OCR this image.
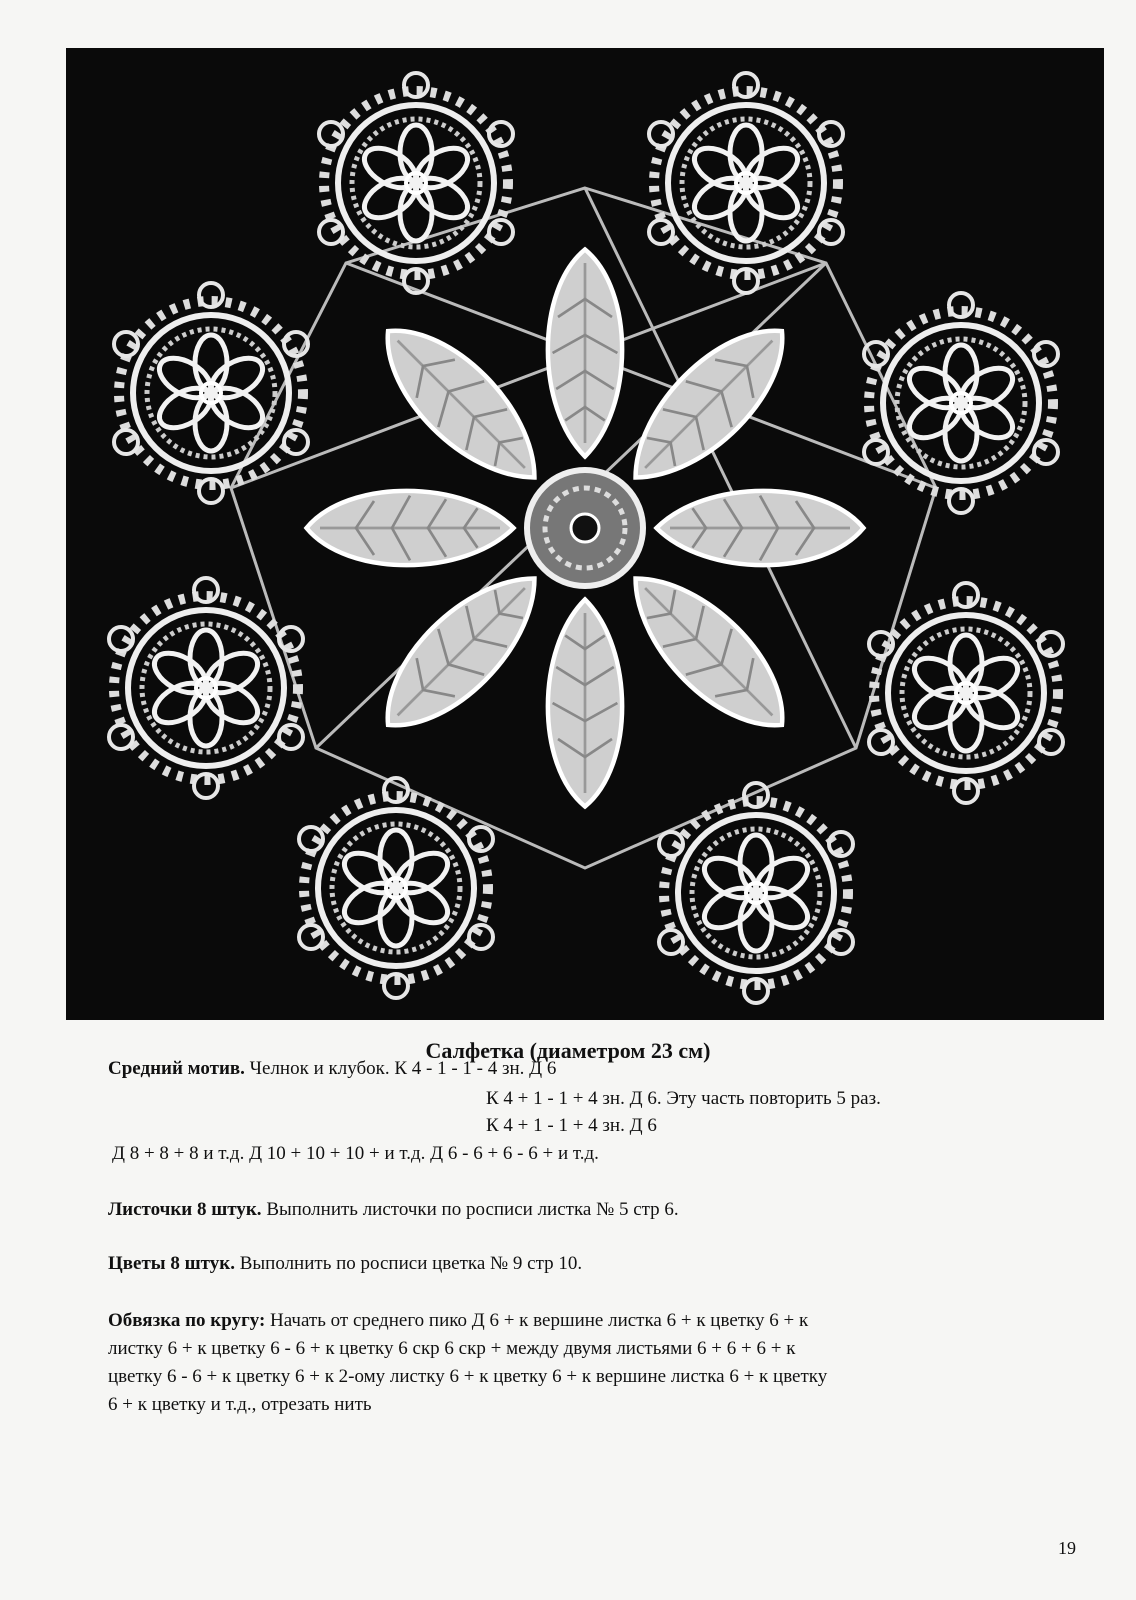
Салфетка (диаметром 23 см)
Средний мотив. Челнок и клубок. К 4 - 1 - 1 - 4 зн. Д 6
К 4 + 1 - 1 + 4 зн. Д 6. Эту часть повторить 5 раз.
К 4 + 1 - 1 + 4 зн. Д 6
Д 8 + 8 + 8 и т.д. Д 10 + 10 + 10 + и т.д. Д 6 - 6 + 6 - 6 + и т.д.
Листочки 8 штук. Выполнить листочки по росписи листка № 5 стр 6.
Цветы 8 штук. Выполнить по росписи цветка № 9 стр 10.
Обвязка по кругу: Начать от среднего пико Д 6 + к вершине листка 6 + к цветку 6 + к
листку 6 + к цветку 6 - 6 + к цветку 6 скр 6 скр + между двумя листьями 6 + 6 + 6 + к
цветку 6 - 6 + к цветку 6 + к 2-ому листку 6 + к цветку 6 + к вершине листка 6 + к цветку
6 + к цветку и т.д., отрезать нить
19
